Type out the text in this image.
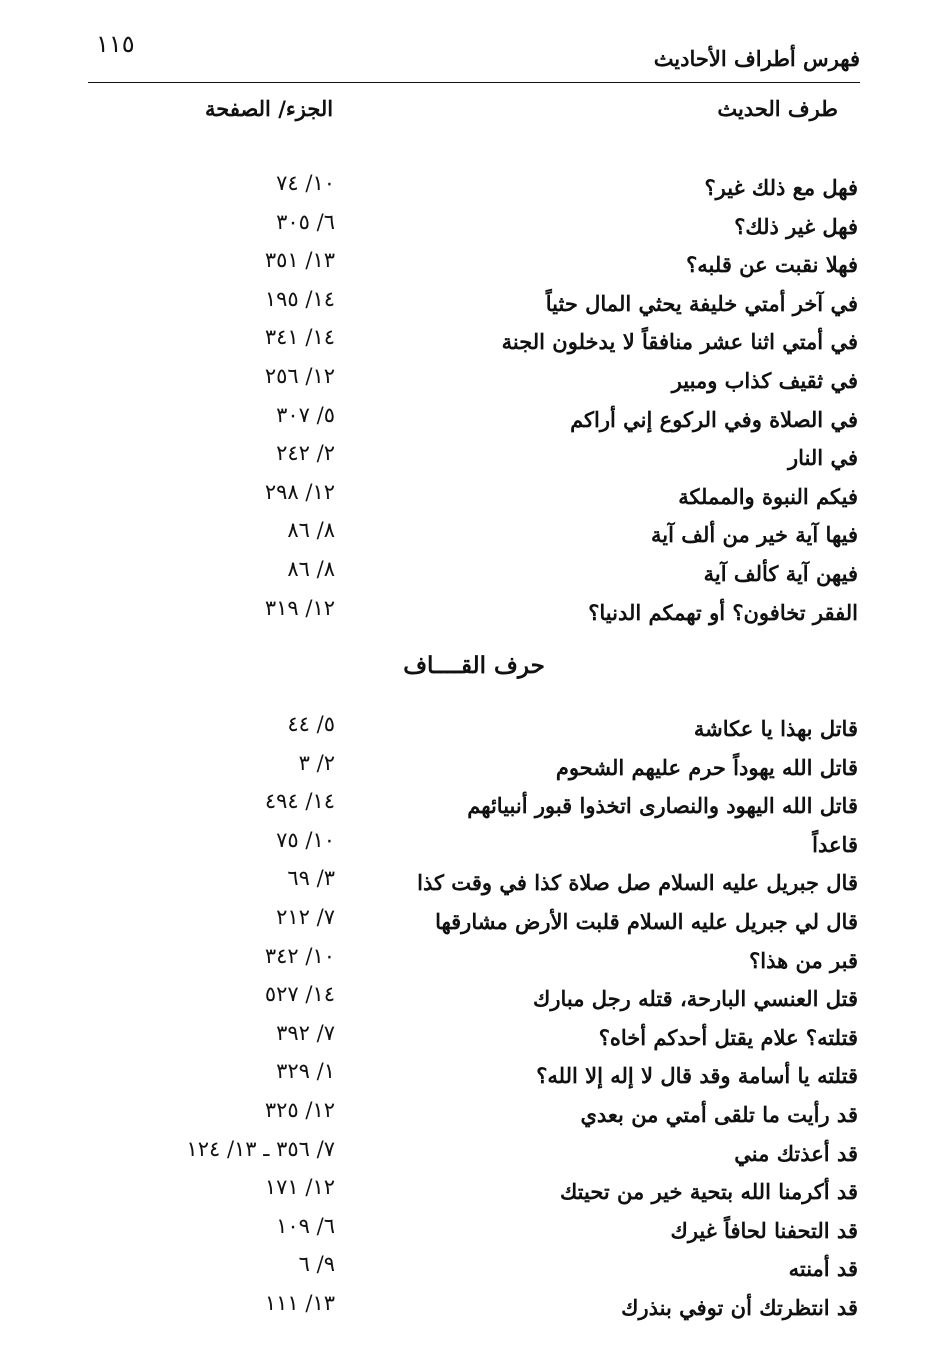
١١٥
فهرس أطراف الأحاديث
طرف الحديث
الجزء/ الصفحة
فهل مع ذلك غير؟
١٠/ ٧٤
فهل غير ذلك؟
٦/ ٣٠٥
فهلا نقبت عن قلبه؟
١٣/ ٣٥١
في آخر أمتي خليفة يحثي المال حثياً
١٤/ ١٩٥
في أمتي اثنا عشر منافقاً لا يدخلون الجنة
١٤/ ٣٤١
في ثقيف كذاب ومبير
١٢/ ٢٥٦
في الصلاة وفي الركوع إني أراكم
٥/ ٣٠٧
في النار
٢/ ٢٤٢
فيكم النبوة والمملكة
١٢/ ٢٩٨
فيها آية خير من ألف آية
٨/ ٨٦
فيهن آية كألف آية
٨/ ٨٦
الفقر تخافون؟ أو تهمكم الدنيا؟
١٢/ ٣١٩
حرف القــــاف
قاتل بهذا يا عكاشة
٥/ ٤٤
قاتل الله يهوداً حرم عليهم الشحوم
٢/ ٣
قاتل الله اليهود والنصارى اتخذوا قبور أنبيائهم
١٤/ ٤٩٤
قاعداً
١٠/ ٧٥
قال جبريل عليه السلام صل صلاة كذا في وقت كذا
٣/ ٦٩
قال لي جبريل عليه السلام قلبت الأرض مشارقها
٧/ ٢١٢
قبر من هذا؟
١٠/ ٣٤٢
قتل العنسي البارحة، قتله رجل مبارك
١٤/ ٥٢٧
قتلته؟ علام يقتل أحدكم أخاه؟
٧/ ٣٩٢
قتلته يا أسامة وقد قال لا إله إلا الله؟
١/ ٣٢٩
قد رأيت ما تلقى أمتي من بعدي
١٢/ ٣٢٥
قد أعذتك مني
٧/ ٣٥٦ ـ ١٣/ ١٢٤
قد أكرمنا الله بتحية خير من تحيتك
١٢/ ١٧١
قد التحفنا لحافاً غيرك
٦/ ١٠٩
قد أمنته
٩/ ٦
قد انتظرتك أن توفي بنذرك
١٣/ ١١١
